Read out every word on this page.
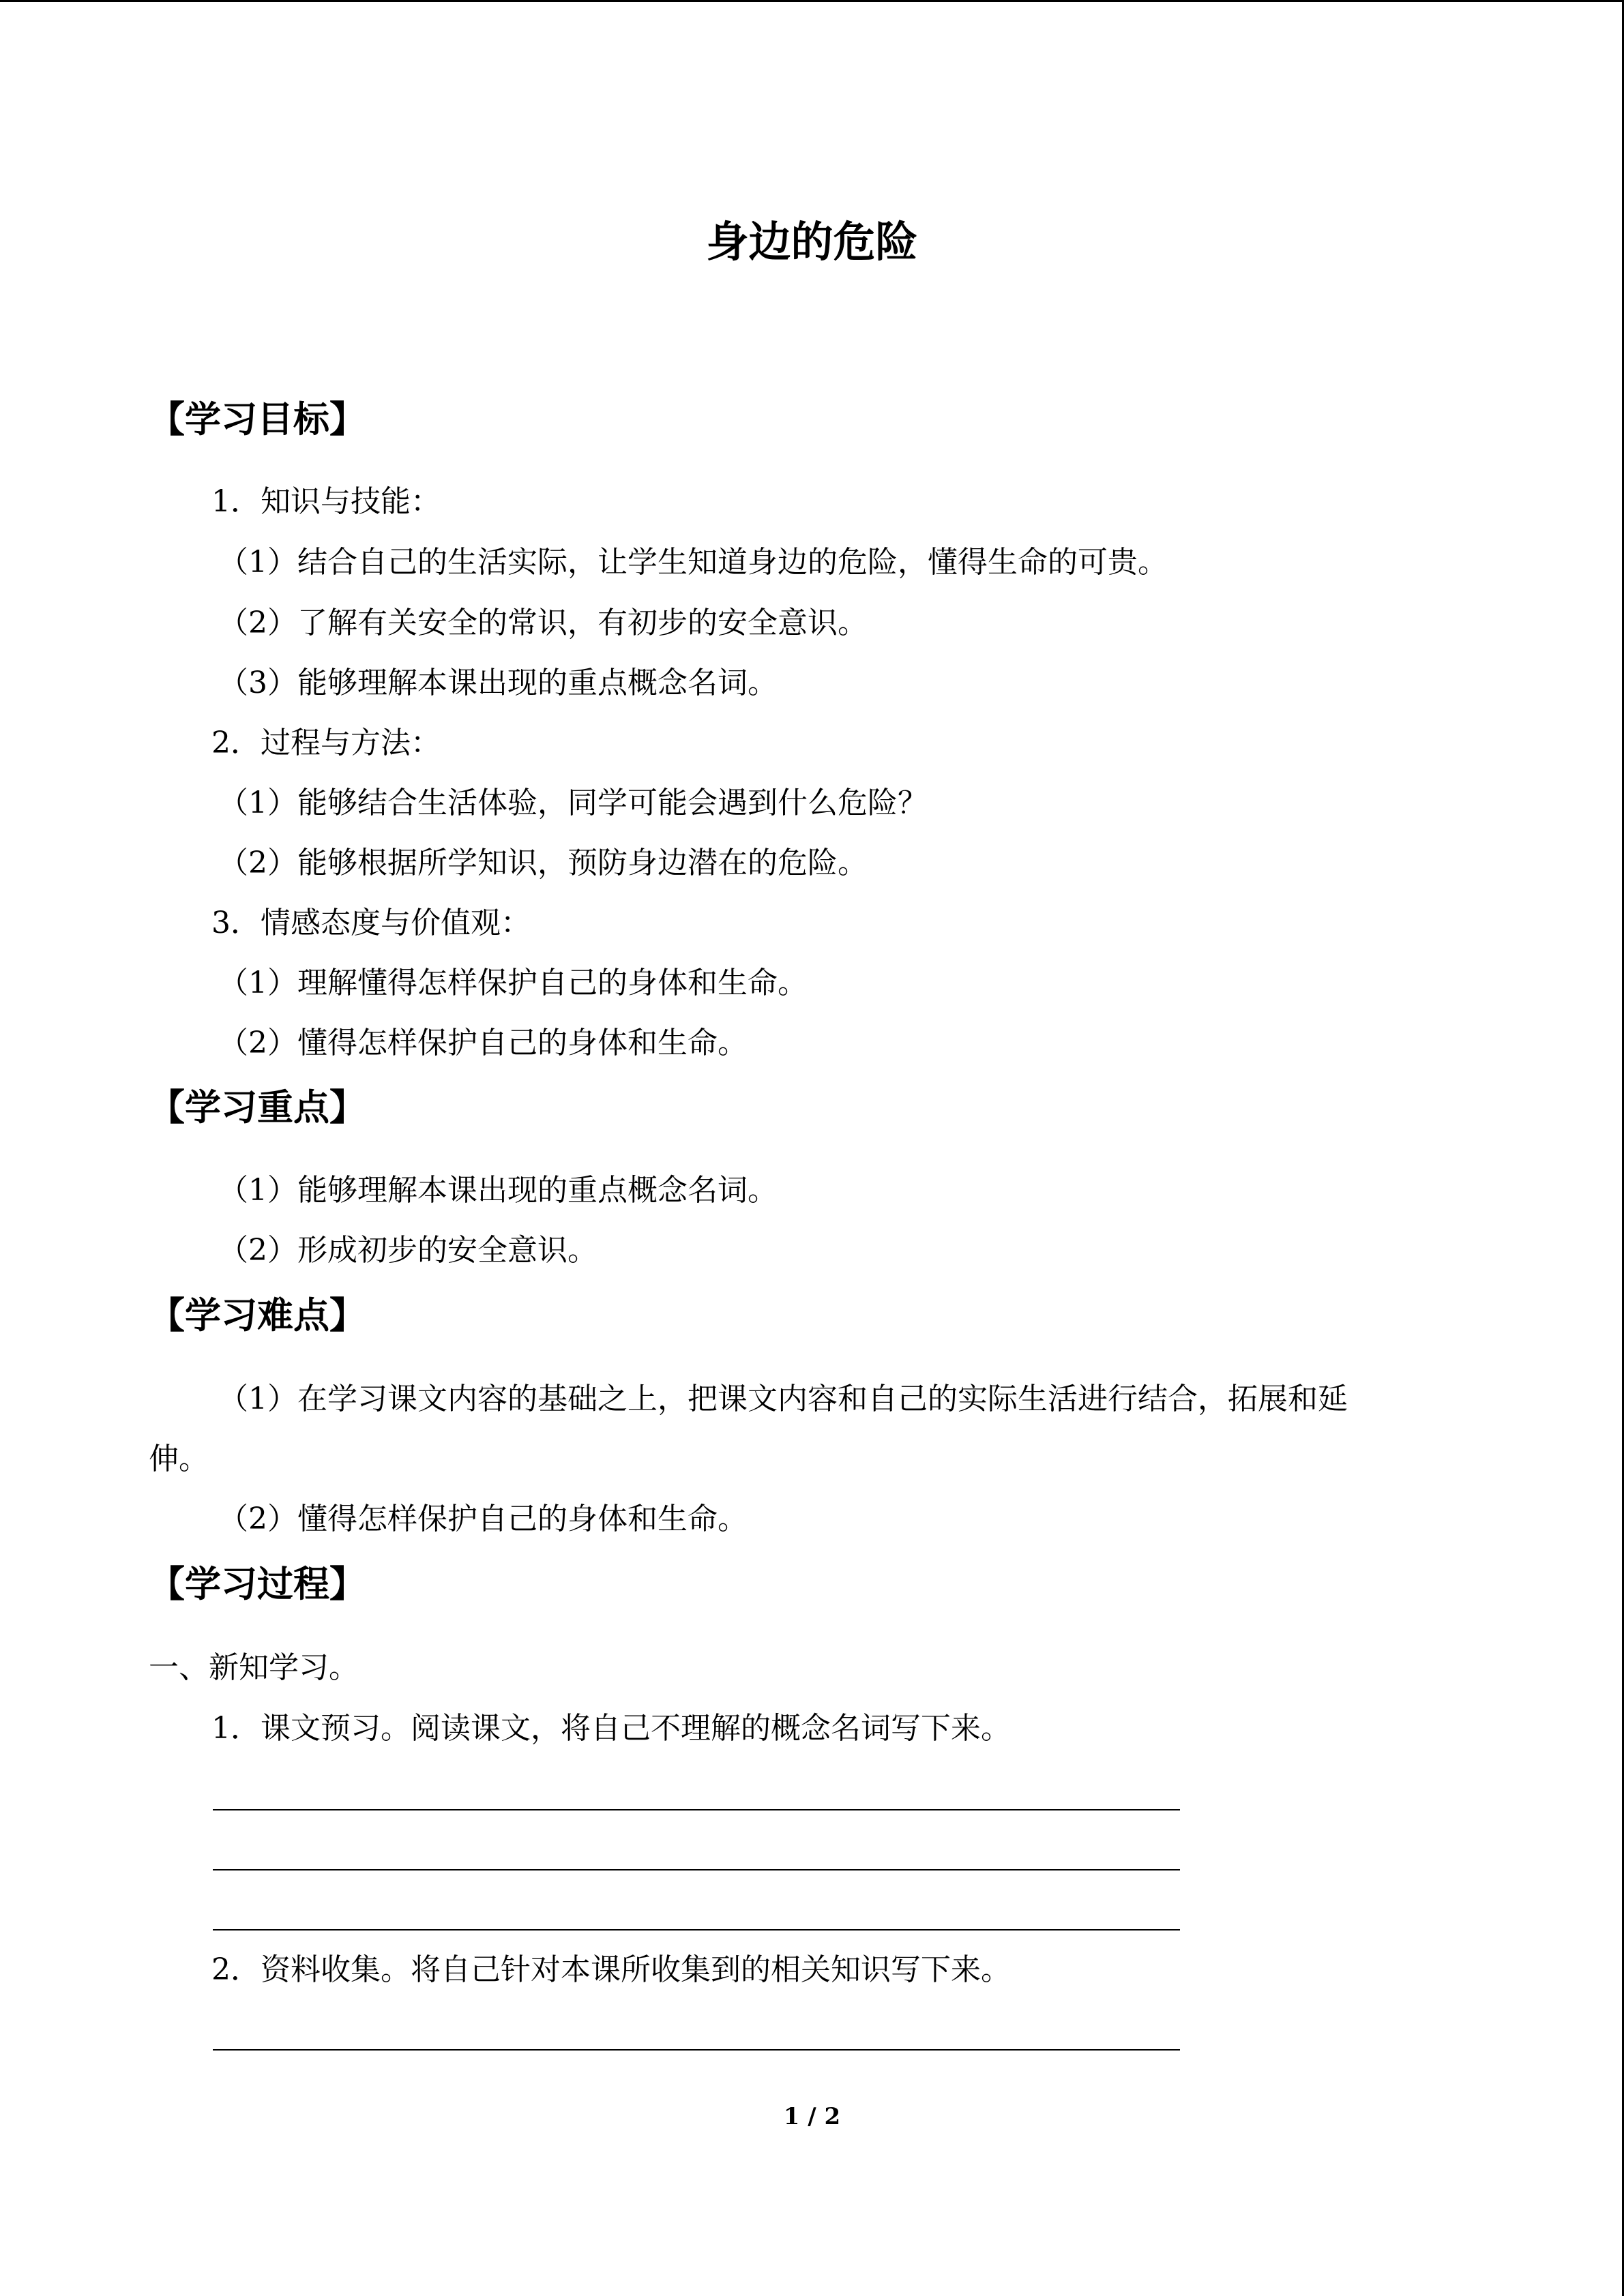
身边的危险
【学习目标】
1．知识与技能：
（1）结合自己的生活实际，让学生知道身边的危险，懂得生命的可贵。
（2）了解有关安全的常识，有初步的安全意识。
（3）能够理解本课出现的重点概念名词。
2．过程与方法：
（1）能够结合生活体验，同学可能会遇到什么危险？
（2）能够根据所学知识，预防身边潜在的危险。
3．情感态度与价值观：
（1）理解懂得怎样保护自己的身体和生命。
（2）懂得怎样保护自己的身体和生命。
【学习重点】
（1）能够理解本课出现的重点概念名词。
（2）形成初步的安全意识。
【学习难点】
（1）在学习课文内容的基础之上，把课文内容和自己的实际生活进行结合，拓展和延
伸。
（2）懂得怎样保护自己的身体和生命。
【学习过程】
一、新知学习。
1．课文预习。阅读课文，将自己不理解的概念名词写下来。
2．资料收集。将自己针对本课所收集到的相关知识写下来。
1 / 2
